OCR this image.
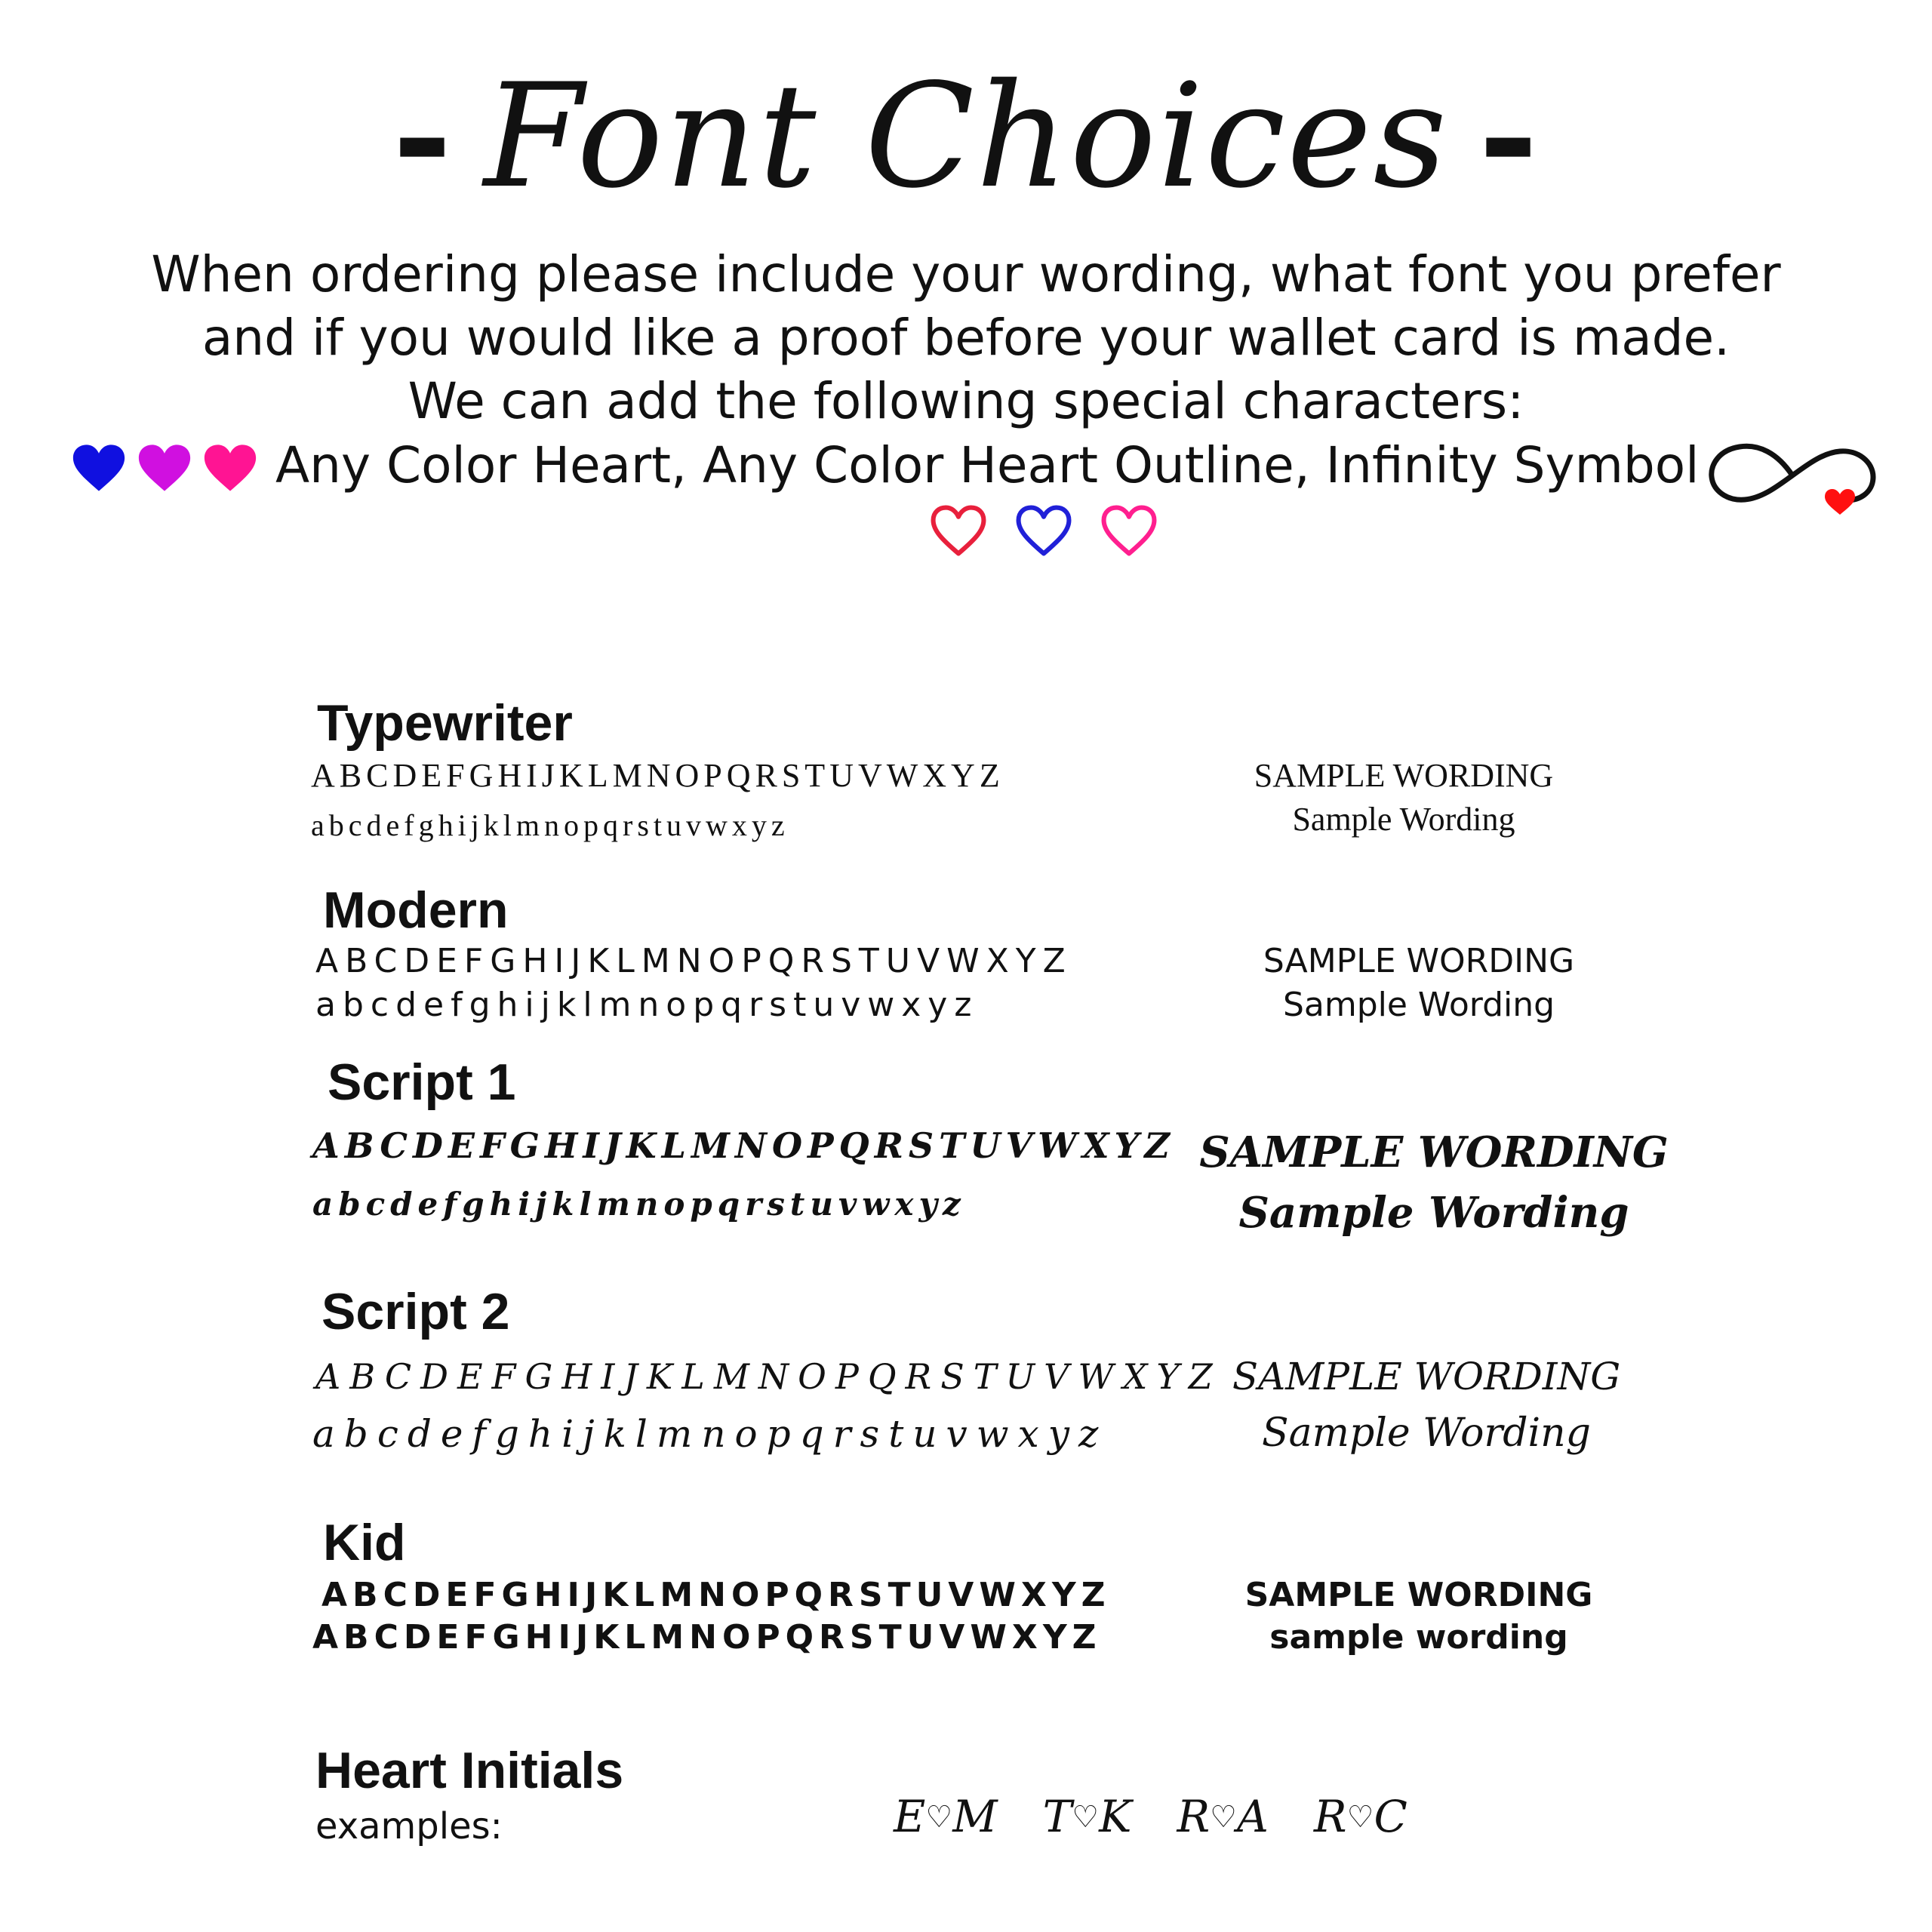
- Font Choices -
When ordering please include your wording, what font you prefer
and if you would like a proof before your wallet card is made.
We can add the following special characters:
Any Color Heart, Any Color Heart Outline, Infinity Symbol
Typewriter
ABCDEFGHIJKLMNOPQRSTUVWXYZ
abcdefghijklmnopqrstuvwxyz
SAMPLE WORDING
Sample Wording
Modern
ABCDEFGHIJKLMNOPQRSTUVWXYZ
abcdefghijklmnopqrstuvwxyz
SAMPLE WORDING
Sample Wording
Script 1
ABCDEFGHIJKLMNOPQRSTUVWXYZ
abcdefghijklmnopqrstuvwxyz
SAMPLE WORDING
Sample Wording
Script 2
ABCDEFGHIJKLMNOPQRSTUVWXYZ
abcdefghijklmnopqrstuvwxyz
SAMPLE WORDING
Sample Wording
Kid
ABCDEFGHIJKLMNOPQRSTUVWXYZ
ABCDEFGHIJKLMNOPQRSTUVWXYZ
SAMPLE WORDING
sample wording
Heart Initials
examples:	E♡M T♡K R♡A R♡C
